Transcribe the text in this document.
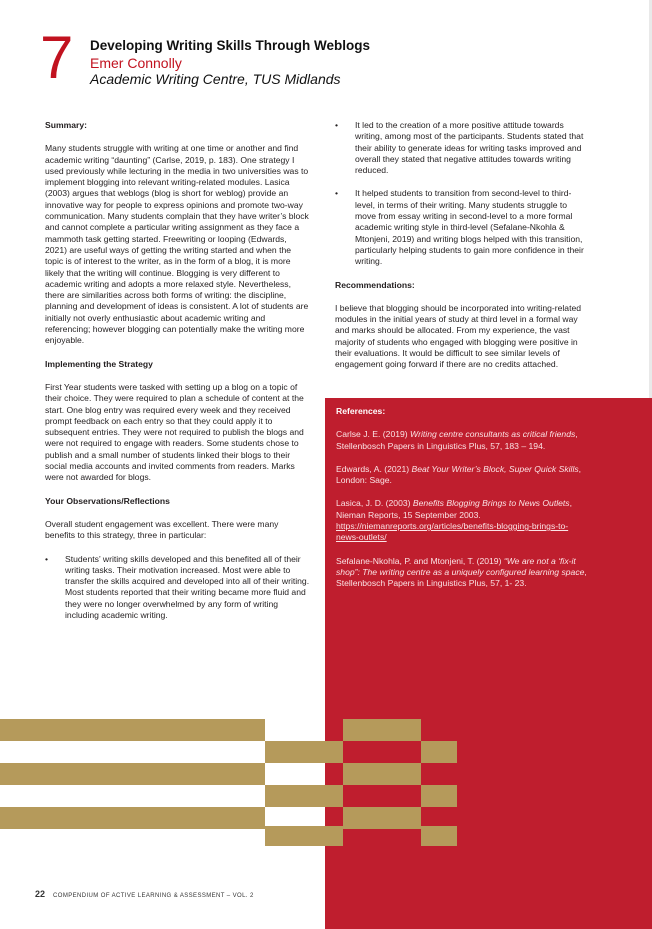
7 Developing Writing Skills Through Weblogs
Emer Connolly
Academic Writing Centre, TUS Midlands
Summary:

Many students struggle with writing at one time or another and find academic writing “daunting” (Carlse, 2019, p. 183). One strategy I used previously while lecturing in the media in two universities was to implement blogging into relevant writing-related modules. Lasica (2003) argues that weblogs (blog is short for weblog) provide an innovative way for people to express opinions and promote two-way communication. Many students complain that they have writer’s block and cannot complete a particular writing assignment as they face a mammoth task getting started. Freewriting or looping (Edwards, 2021) are useful ways of getting the writing started and when the topic is of interest to the writer, as in the form of a blog, it is more likely that the writing will continue. Blogging is very different to academic writing and adopts a more relaxed style. Nevertheless, there are similarities across both forms of writing: the discipline, planning and development of ideas is consistent. A lot of students are initially not overly enthusiastic about academic writing and referencing; however blogging can potentially make the writing more enjoyable.

Implementing the Strategy

First Year students were tasked with setting up a blog on a topic of their choice. They were required to plan a schedule of content at the start. One blog entry was required every week and they received prompt feedback on each entry so that they could apply it to subsequent entries. They were not required to publish the blogs and were not required to engage with readers. Some students chose to publish and a small number of students linked their blogs to their social media accounts and invited comments from readers. Marks were not awarded for blogs.

Your Observations/Reflections

Overall student engagement was excellent. There were many benefits to this strategy, three in particular:

•	Students’ writing skills developed and this benefited all of their writing tasks. Their motivation increased. Most were able to transfer the skills acquired and developed into all of their writing. Most students reported that their writing became more fluid and they were no longer overwhelmed by any form of writing including academic writing.
•	It led to the creation of a more positive attitude towards writing, among most of the participants. Students stated that their ability to generate ideas for writing tasks improved and overall they stated that negative attitudes towards writing reduced.
•	It helped students to transition from second-level to third-level, in terms of their writing. Many students struggle to move from essay writing in second-level to a more formal academic writing style in third-level (Sefalane-Nkohla & Mtonjeni, 2019) and writing blogs helped with this transition, particularly helping students to gain more confidence in their writing.
Recommendations:

I believe that blogging should be incorporated into writing-related modules in the initial years of study at third level in a formal way and marks should be allocated. From my experience, the vast majority of students who engaged with blogging were positive in their evaluations. It would be difficult to see similar levels of engagement going forward if there are no credits attached.

References:

Carlse J. E. (2019) Writing centre consultants as critical friends, Stellenbosch Papers in Linguistics Plus, 57, 183 – 194.

Edwards, A. (2021) Beat Your Writer’s Block, Super Quick Skills, London: Sage.

Lasica, J. D. (2003) Benefits Blogging Brings to News Outlets, Nieman Reports, 15 September 2003.
https://niemanreports.org/articles/benefits-blogging-brings-to-news-outlets/

Sefalane-Nkohla, P. and Mtonjeni, T. (2019) “We are not a ‘fix-it shop”: The writing centre as a uniquely configured learning space, Stellenbosch Papers in Linguistics Plus, 57, 1- 23.

22 COMPENDIUM OF ACTIVE LEARNING & ASSESSMENT – VOL. 2
